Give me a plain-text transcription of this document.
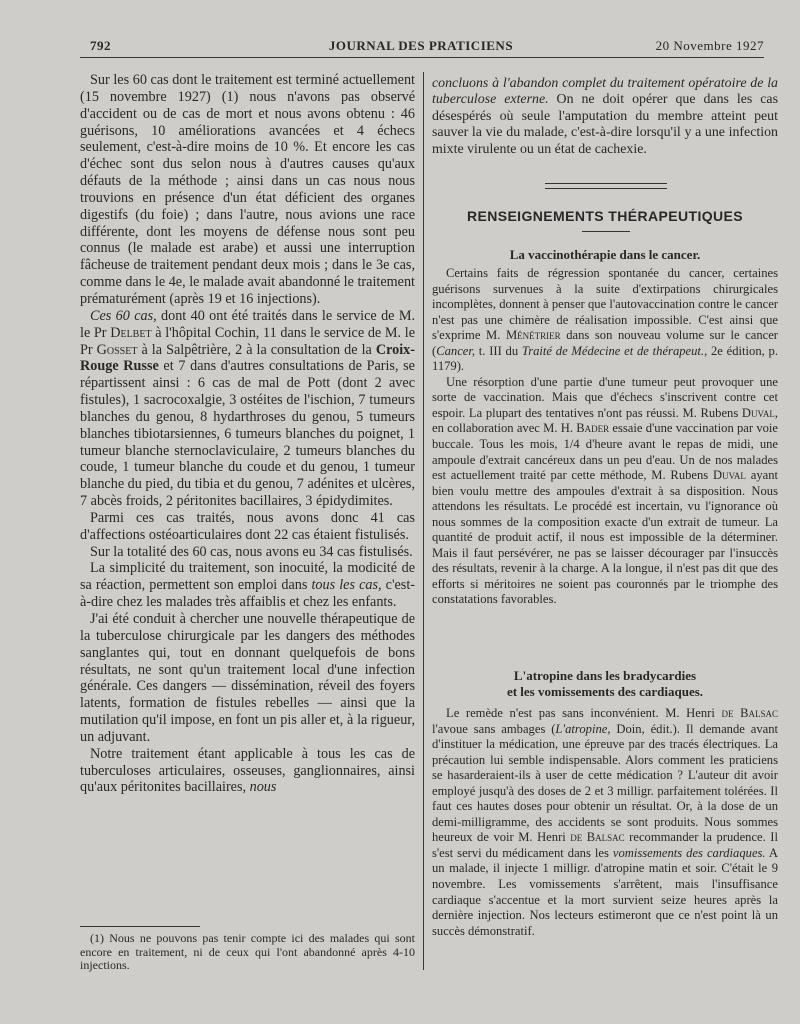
792	JOURNAL DES PRATICIENS	20 Novembre 1927

Sur les 60 cas dont le traitement est terminé actuellement (15 novembre 1927) (1) nous n'avons pas observé d'accident ou de cas de mort et nous avons obtenu : 46 guérisons, 10 améliorations avancées et 4 échecs seulement, c'est-à-dire moins de 10 %. Et encore les cas d'échec sont dus selon nous à d'autres causes qu'aux défauts de la méthode ; ainsi dans un cas nous nous trouvions en présence d'un état déficient des organes digestifs (du foie) ; dans l'autre, nous avions une race différente, dont les moyens de défense nous sont peu connus (le malade est arabe) et aussi une interruption fâcheuse de traitement pendant deux mois ; dans le 3e cas, comme dans le 4e, le malade avait abandonné le traitement prématurément (après 19 et 16 injections).

Ces 60 cas, dont 40 ont été traités dans le service de M. le Pr Delbet à l'hôpital Cochin, 11 dans le service de M. le Pr Gosset à la Salpêtrière, 2 à la consultation de la Croix-Rouge Russe et 7 dans d'autres consultations de Paris, se répartissent ainsi : 6 cas de mal de Pott (dont 2 avec fistules), 1 sacrocoxalgie, 3 ostéites de l'ischion, 7 tumeurs blanches du genou, 8 hydarthroses du genou, 5 tumeurs blanches tibiotarsiennes, 6 tumeurs blanches du poignet, 1 tumeur blanche sternoclaviculaire, 2 tumeurs blanches du coude, 1 tumeur blanche du coude et du genou, 1 tumeur blanche du pied, du tibia et du genou, 7 adénites et ulcères, 7 abcès froids, 2 péritonites bacillaires, 3 épidydimites.

Parmi ces cas traités, nous avons donc 41 cas d'affections ostéoarticulaires dont 22 cas étaient fistulisés.

Sur la totalité des 60 cas, nous avons eu 34 cas fistulisés.

La simplicité du traitement, son inocuité, la modicité de sa réaction, permettent son emploi dans tous les cas, c'est-à-dire chez les malades très affaiblis et chez les enfants.

J'ai été conduit à chercher une nouvelle thérapeutique de la tuberculose chirurgicale par les dangers des méthodes sanglantes qui, tout en donnant quelquefois de bons résultats, ne sont qu'un traitement local d'une infection générale. Ces dangers — dissémination, réveil des foyers latents, formation de fistules rebelles — ainsi que la mutilation qu'il impose, en font un pis aller et, à la rigueur, un adjuvant.

Notre traitement étant applicable à tous les cas de tuberculoses articulaires, osseuses, ganglionnaires, ainsi qu'aux péritonites bacillaires, nous

(1) Nous ne pouvons pas tenir compte ici des malades qui sont encore en traitement, ni de ceux qui l'ont abandonné après 4-10 injections.

concluons à l'abandon complet du traitement opératoire de la tuberculose externe. On ne doit opérer que dans les cas désespérés où seule l'amputation du membre atteint peut sauver la vie du malade, c'est-à-dire lorsqu'il y a une infection mixte virulente ou un état de cachexie.

RENSEIGNEMENTS THÉRAPEUTIQUES
La vaccinothérapie dans le cancer.

Certains faits de régression spontanée du cancer, certaines guérisons survenues à la suite d'extirpations chirurgicales incomplètes, donnent à penser que l'autovaccination contre le cancer n'est pas une chimère de réalisation impossible. C'est ainsi que s'exprime M. Ménétrier dans son nouveau volume sur le cancer (Cancer, t. III du Traité de Médecine et de thérapeut., 2e édition, p. 1179).

Une résorption d'une partie d'une tumeur peut provoquer une sorte de vaccination. Mais que d'échecs s'inscrivent contre cet espoir. La plupart des tentatives n'ont pas réussi. M. Rubens Duval, en collaboration avec M. H. Bader essaie d'une vaccination par voie buccale. Tous les mois, 1/4 d'heure avant le repas de midi, une ampoule d'extrait cancéreux dans un peu d'eau. Un de nos malades est actuellement traité par cette méthode, M. Rubens Duval ayant bien voulu mettre des ampoules d'extrait à sa disposition. Nous attendons les résultats. Le procédé est incertain, vu l'ignorance où nous sommes de la composition exacte d'un extrait de tumeur. La quantité de produit actif, il nous est impossible de la déterminer. Mais il faut persévérer, ne pas se laisser décourager par l'insuccès des résultats, revenir à la charge. A la longue, il n'est pas dit que des efforts si méritoires ne soient pas couronnés par le triomphe des constatations favorables.

L'atropine dans les bradycardies
et les vomissements des cardiaques.

Le remède n'est pas sans inconvénient. M. Henri de Balsac l'avoue sans ambages (L'atropine, Doin, édit.). Il demande avant d'instituer la médication, une épreuve par des tracés électriques. La précaution lui semble indispensable. Alors comment les praticiens se hasarderaient-ils à user de cette médication ? L'auteur dit avoir employé jusqu'à des doses de 2 et 3 milligr. parfaitement tolérées. Il faut ces hautes doses pour obtenir un résultat. Or, à la dose de un demi-milligramme, des accidents se sont produits. Nous sommes heureux de voir M. Henri de Balsac recommander la prudence. Il s'est servi du médicament dans les vomissements des cardiaques. A un malade, il injecte 1 milligr. d'atropine matin et soir. C'était le 9 novembre. Les vomissements s'arrêtent, mais l'insuffisance cardiaque s'accentue et la mort survient seize heures après la dernière injection. Nos lecteurs estimeront que ce n'est point là un succès démonstratif.
